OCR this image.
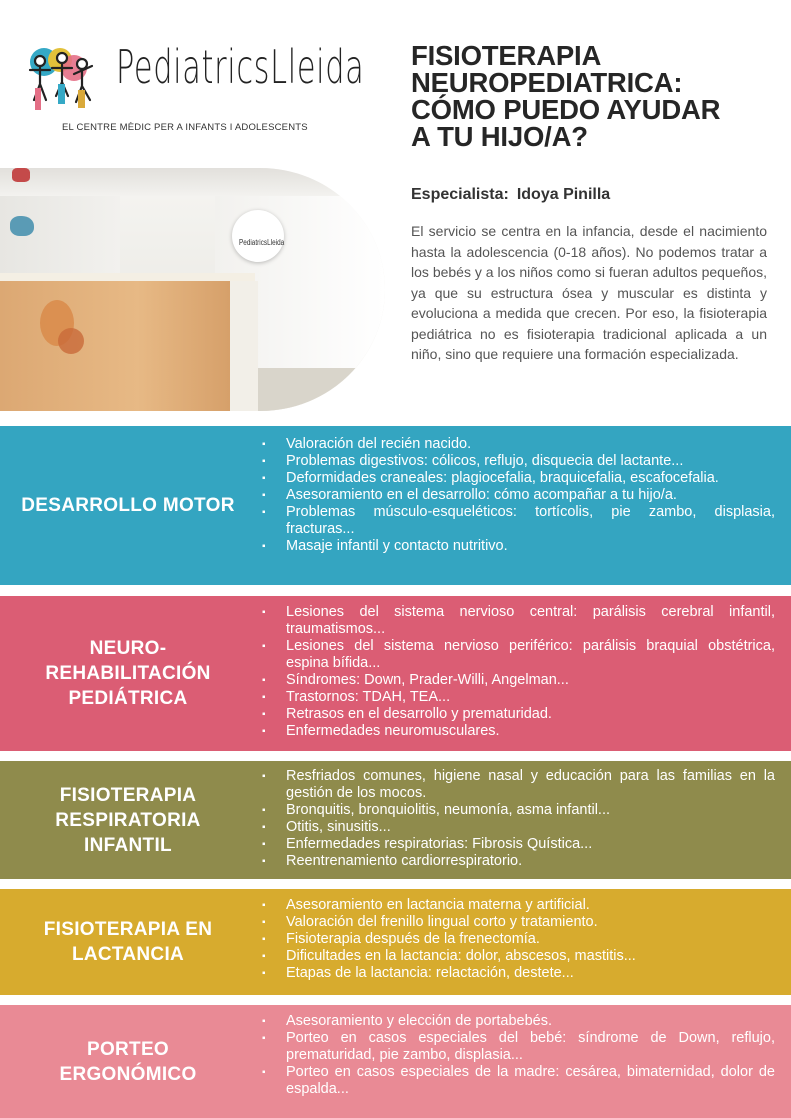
PediatricsLleida
EL CENTRE MÈDIC PER A INFANTS I ADOLESCENTS
PediatricsLleida
FISIOTERAPIA
NEUROPEDIATRICA:
CÓMO PUEDO AYUDAR
A TU HIJO/A?
Especialista: Idoya Pinilla

El servicio se centra en la infancia, desde el nacimiento hasta la adolescencia (0-18 años). No podemos tratar a los bebés y a los niños como si fueran adultos pequeños, ya que su estructura ósea y muscular es distinta y evoluciona a medida que crecen. Por eso, la fisioterapia pediátrica no es fisioterapia tradicional aplicada a un niño, sino que requiere una formación especializada.

DESARROLLO MOTOR
▪ Valoración del recién nacido.
▪ Problemas digestivos: cólicos, reflujo, disquecia del lactante...
▪ Deformidades craneales: plagiocefalia, braquicefalia, escafocefalia.
▪ Asesoramiento en el desarrollo: cómo acompañar a tu hijo/a.
▪ Problemas músculo-esqueléticos: tortícolis, pie zambo, displasia, fracturas...
▪ Masaje infantil y contacto nutritivo.
NEURO-REHABILITACIÓN PEDIÁTRICA
▪ Lesiones del sistema nervioso central: parálisis cerebral infantil, traumatismos...
▪ Lesiones del sistema nervioso periférico: parálisis braquial obstétrica, espina bífida...
▪ Síndromes: Down, Prader-Willi, Angelman...
▪ Trastornos: TDAH, TEA...
▪ Retrasos en el desarrollo y prematuridad.
▪ Enfermedades neuromusculares.
FISIOTERAPIA RESPIRATORIA INFANTIL
▪ Resfriados comunes, higiene nasal y educación para las familias en la gestión de los mocos.
▪ Bronquitis, bronquiolitis, neumonía, asma infantil...
▪ Otitis, sinusitis...
▪ Enfermedades respiratorias: Fibrosis Quística...
▪ Reentrenamiento cardiorrespiratorio.
FISIOTERAPIA EN LACTANCIA
▪ Asesoramiento en lactancia materna y artificial.
▪ Valoración del frenillo lingual corto y tratamiento.
▪ Fisioterapia después de la frenectomía.
▪ Dificultades en la lactancia: dolor, abscesos, mastitis...
▪ Etapas de la lactancia: relactación, destete...
PORTEO ERGONÓMICO
▪ Asesoramiento y elección de portabebés.
▪ Porteo en casos especiales del bebé: síndrome de Down, reflujo, prematuridad, pie zambo, displasia...
▪ Porteo en casos especiales de la madre: cesárea, bimaternidad, dolor de espalda...
